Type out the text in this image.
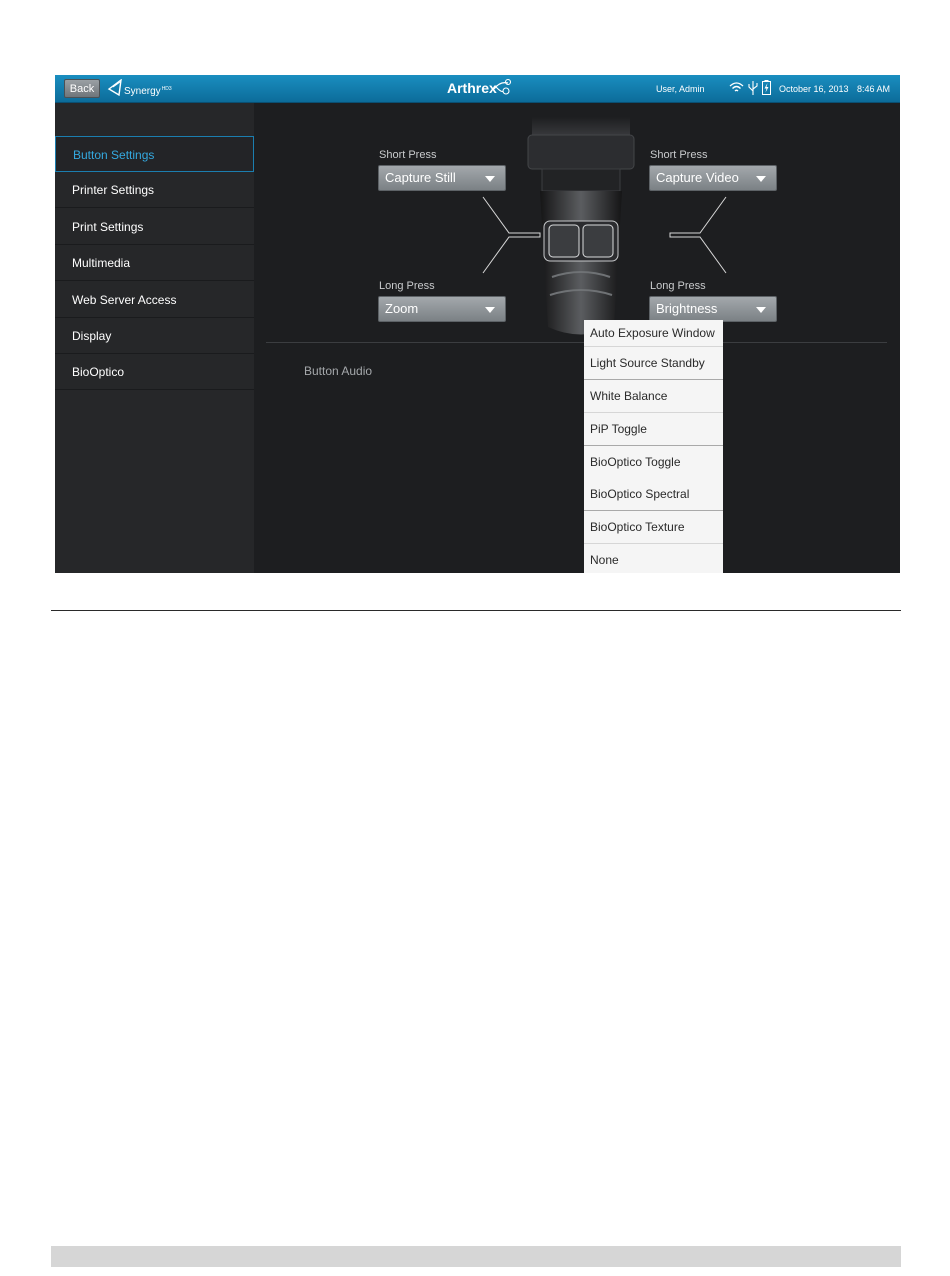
Back	Synergy$^{HD3}$	Arthrex	User, Admin	October 16, 2013 8:46 AM
Button Settings
Printer Settings
Print Settings
Multimedia
Web Server Access
Display
BioOptico
Short Press
Capture Still
Short Press
Capture Video
Long Press
Zoom
Long Press
Brightness
Button Audio
Auto Exposure Window
Light Source Standby
White Balance
PiP Toggle
BioOptico Toggle
BioOptico Spectral
BioOptico Texture
None
